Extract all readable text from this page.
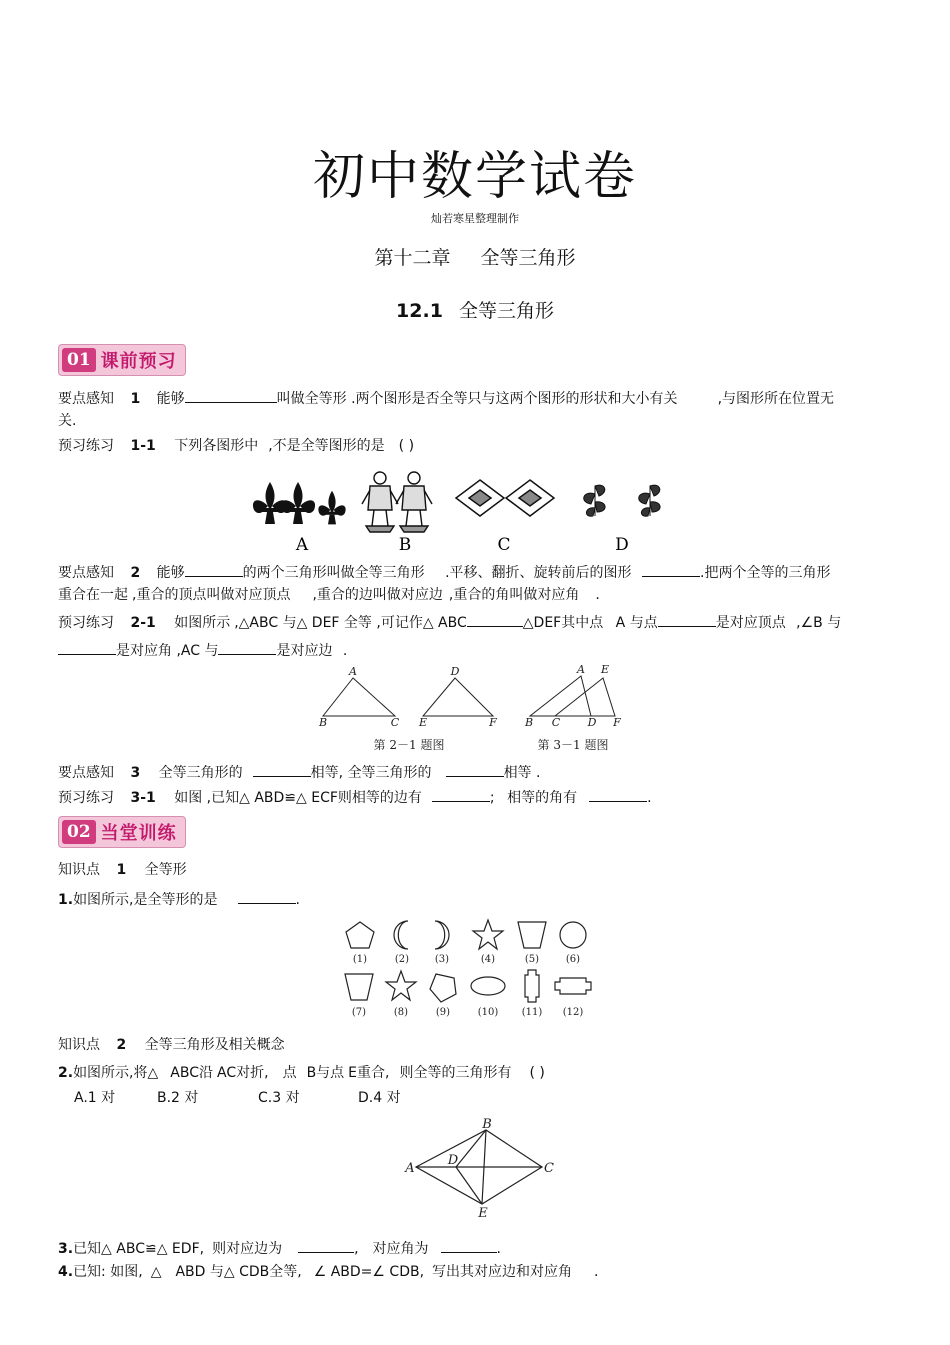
初中数学试卷
灿若寒星整理制作
第十二章 全等三角形
12.1 全等三角形
01 课前预习
要点感知 1 能够	叫做全等形 .两个图形是否全等只与这两个图形的形状和大小有关	,与图形所在位置无
关.
预习练习 1-1 下列各图形中 ,不是全等图形的是 ( )
A	B	C	D
要点感知 2 能够	的两个三角形叫做全等三角形 .平移、翻折、旋转前后的图形	.把两个全等的三角形
重合在一起 ,重合的顶点叫做对应顶点 ,重合的边叫做对应边 ,重合的角叫做对应角 .
预习练习 2-1 如图所示 ,△ABC 与△ DEF 全等 ,可记作△ ABC	△DEF其中点 A 与点	是对应顶点 ,∠B 与
是对应角 ,AC 与	是对应边 .
A
B	C
D
E	F
A E
B C D F
第 2－1 题图	第 3－1 题图
要点感知 3 全等三角形的	相等, 全等三角形的	相等 .
预习练习 3-1 如图 ,已知△ ABD≌△ ECF则相等的边有	; 相等的角有	.
02 当堂训练
知识点 1 全等形
1.如图所示,是全等形的是	.
(1)	(2)	(3)	(4)	(5)	(6)
(7)	(8)	(9)	(10) (11) (12)
知识点 2 全等三角形及相关概念
2.如图所示,将△ ABC沿 AC对折, 点 B与点 E重合, 则全等的三角形有 ( )
A.1 对	B.2 对	C.3 对	D.4 对
A
B
C
D
E
3.已知△ ABC≌△ EDF, 则对应边为	, 对应角为	.
4.已知: 如图, △ ABD 与△ CDB全等, ∠ ABD=∠ CDB, 写出其对应边和对应角 .
